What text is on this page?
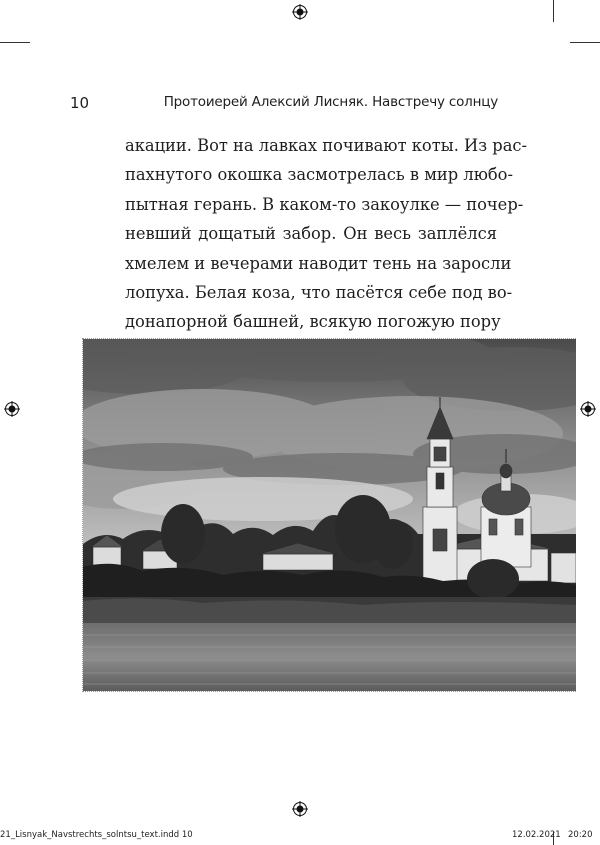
10	Протоиерей Алексий Лисняк. Навстречу солнцу
акации. Вот на лавках почивают коты. Из рас-
пахнутого окошка засмотрелась в мир любо-
пытная герань. В каком-то закоулке — почер-
невший дощатый забор. Он весь заплёлся
хмелем и вечерами наводит тень на заросли
лопуха. Белая коза, что пасётся себе под во-
донапорной башней, всякую погожую пору
21_Lisnyak_Navstrechts_solntsu_text.indd 10	12.02.2021 20:20
